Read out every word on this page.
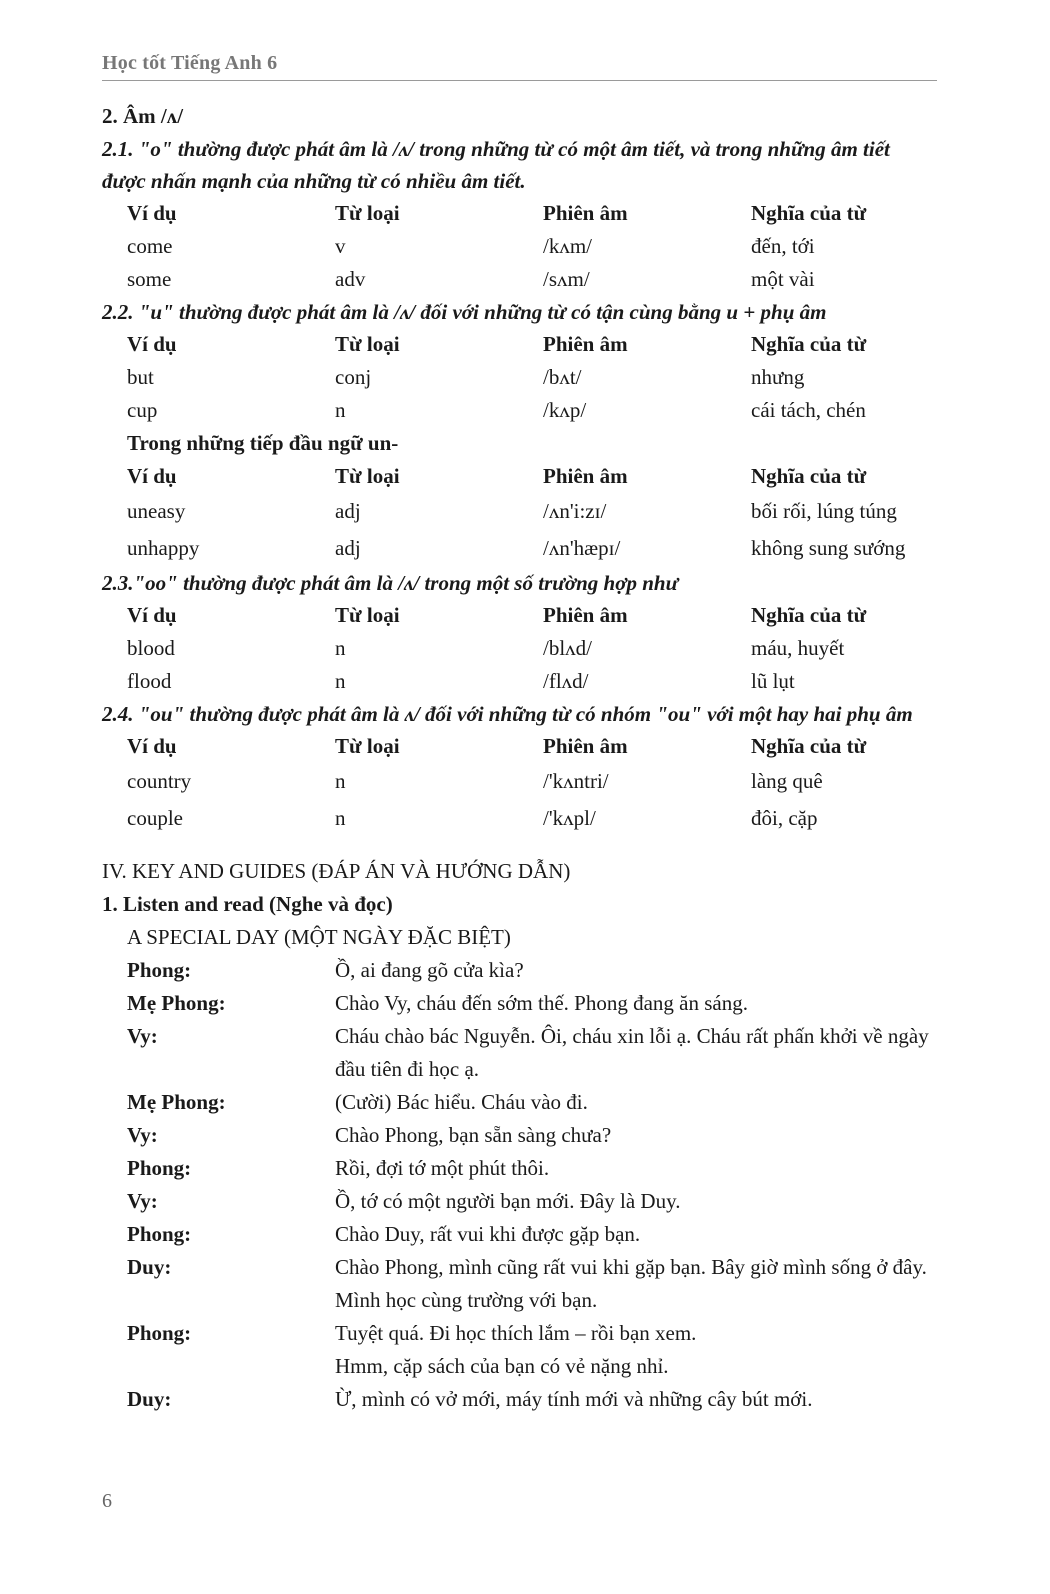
Học tốt Tiếng Anh 6
2. Âm /ʌ/
2.1. "o" thường được phát âm là /ʌ/ trong những từ có một âm tiết, và trong những âm tiết được nhấn mạnh của những từ có nhiều âm tiết.
Ví dụ	Từ loại	Phiên âm	Nghĩa của từ
come	v	/kʌm/	đến, tới
some	adv	/sʌm/	một vài
2.2. "u" thường được phát âm là /ʌ/ đối với những từ có tận cùng bằng u + phụ âm
Ví dụ	Từ loại	Phiên âm	Nghĩa của từ
but	conj	/bʌt/	nhưng
cup	n	/kʌp/	cái tách, chén
Trong những tiếp đầu ngữ un-
Ví dụ	Từ loại	Phiên âm	Nghĩa của từ
uneasy	adj	/ʌn'i:zɪ/	bối rối, lúng túng
unhappy	adj	/ʌn'hæpɪ/	không sung sướng
2.3."oo" thường được phát âm là /ʌ/ trong một số trường hợp như
Ví dụ	Từ loại	Phiên âm	Nghĩa của từ
blood	n	/blʌd/	máu, huyết
flood	n	/flʌd/	lũ lụt
2.4. "ou" thường được phát âm là ʌ/ đối với những từ có nhóm "ou" với một hay hai phụ âm
Ví dụ	Từ loại	Phiên âm	Nghĩa của từ
country	n	/'kʌntri/	làng quê
couple	n	/'kʌpl/	đôi, cặp
IV. KEY AND GUIDES (ĐÁP ÁN VÀ HƯỚNG DẪN)
1. Listen and read (Nghe và đọc)
A SPECIAL DAY (MỘT NGÀY ĐẶC BIỆT)
Phong:	Ồ, ai đang gõ cửa kìa?
Mẹ Phong:	Chào Vy, cháu đến sớm thế. Phong đang ăn sáng.
Vy:	Cháu chào bác Nguyễn. Ôi, cháu xin lỗi ạ. Cháu rất phấn khởi về ngày đầu tiên đi học ạ.
Mẹ Phong:	(Cười) Bác hiểu. Cháu vào đi.
Vy:	Chào Phong, bạn sẵn sàng chưa?
Phong:	Rồi, đợi tớ một phút thôi.
Vy:	Ồ, tớ có một người bạn mới. Đây là Duy.
Phong:	Chào Duy, rất vui khi được gặp bạn.
Duy:	Chào Phong, mình cũng rất vui khi gặp bạn. Bây giờ mình sống ở đây. Mình học cùng trường với bạn.
Phong:	Tuyệt quá. Đi học thích lắm – rồi bạn xem.
Hmm, cặp sách của bạn có vẻ nặng nhỉ.
Duy:	Ừ, mình có vở mới, máy tính mới và những cây bút mới.
6
